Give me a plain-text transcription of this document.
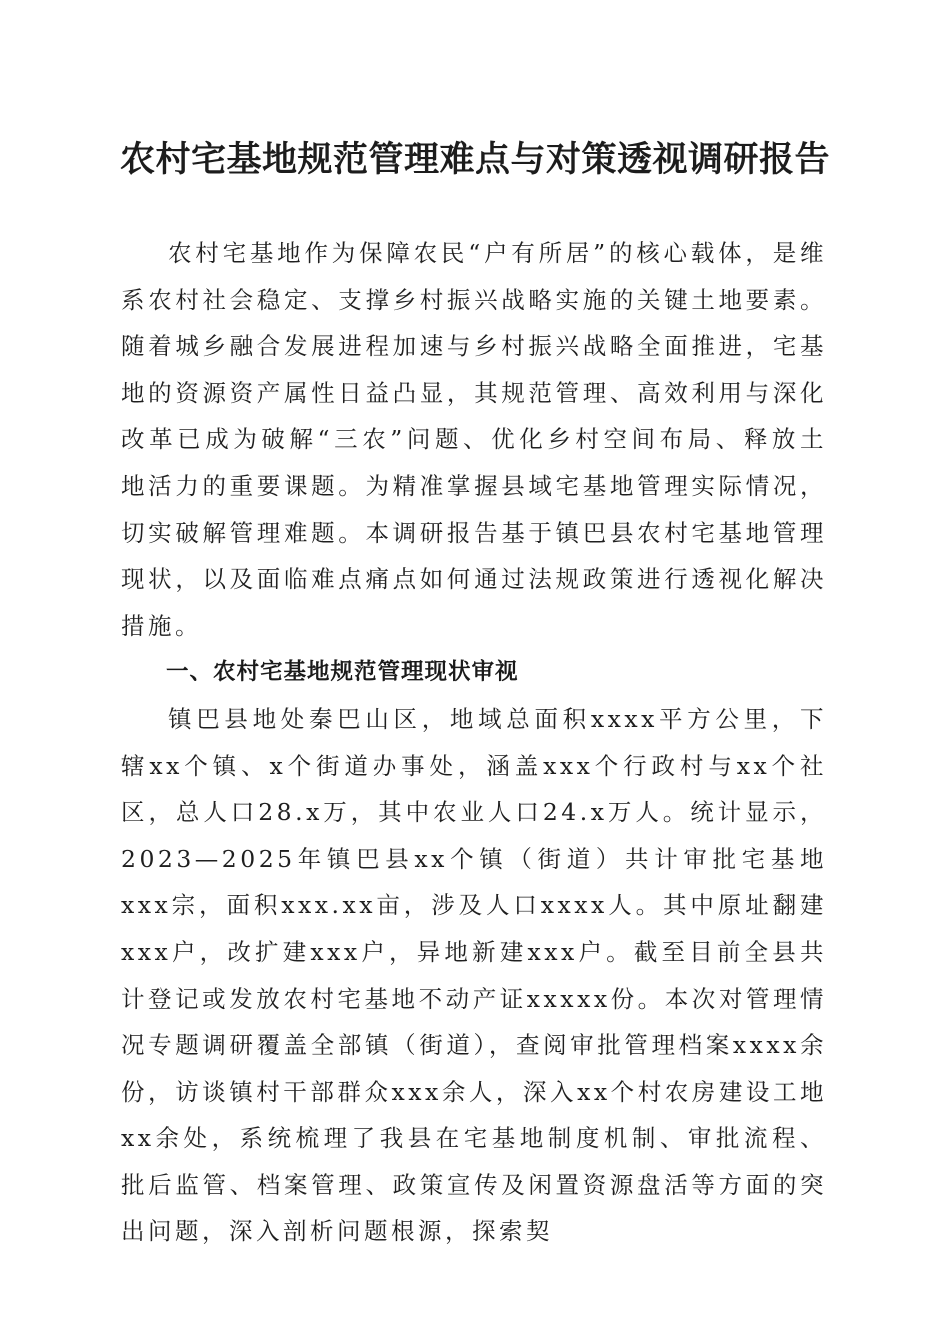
农村宅基地规范管理难点与对策透视调研报告

农村宅基地作为保障农民“户有所居”的核心载体，是维系农村社会稳定、支撑乡村振兴战略实施的关键土地要素。随着城乡融合发展进程加速与乡村振兴战略全面推进，宅基地的资源资产属性日益凸显，其规范管理、高效利用与深化改革已成为破解“三农”问题、优化乡村空间布局、释放土地活力的重要课题。为精准掌握县域宅基地管理实际情况，切实破解管理难题。本调研报告基于镇巴县农村宅基地管理现状，以及面临难点痛点如何通过法规政策进行透视化解决措施。

一、农村宅基地规范管理现状审视

镇巴县地处秦巴山区，地域总面积xxxx平方公里，下辖xx个镇、x个街道办事处，涵盖xxx个行政村与xx个社区，总人口28.x万，其中农业人口24.x万人。统计显示，2023—2025年镇巴县xx个镇（街道）共计审批宅基地xxx宗，面积xxx.xx亩，涉及人口xxxx人。其中原址翻建xxx户，改扩建xxx户，异地新建xxx户。截至目前全县共计登记或发放农村宅基地不动产证xxxxx份。本次对管理情况专题调研覆盖全部镇（街道），查阅审批管理档案xxxx余份，访谈镇村干部群众xxx余人，深入xx个村农房建设工地xx余处，系统梳理了我县在宅基地制度机制、审批流程、批后监管、档案管理、政策宣传及闲置资源盘活等方面的突出问题，深入剖析问题根源，探索契
